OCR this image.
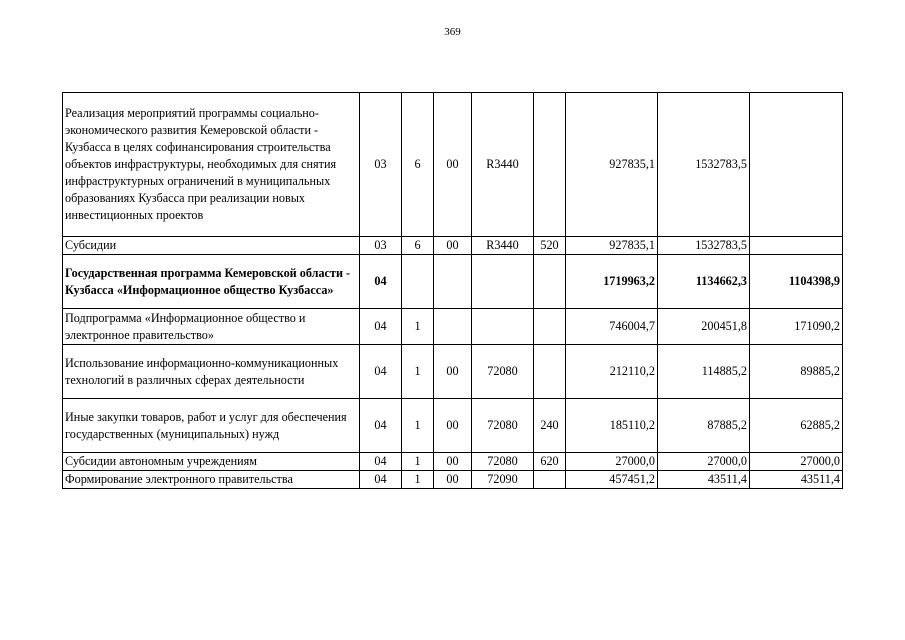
369
Реализация мероприятий программы социально-экономического развития Кемеровской области - Кузбасса в целях софинансирования строительства объектов инфраструктуры, необходимых для снятия инфраструктурных ограничений в муниципальных образованиях Кузбасса при реализации новых инвестиционных проектов	03	6	00	R3440		927835,1	1532783,5	
Субсидии	03	6	00	R3440	520	927835,1	1532783,5	
Государственная программа Кемеровской области - Кузбасса «Информационное общество Кузбасса»	04					1719963,2	1134662,3	1104398,9
Подпрограмма «Информационное общество и электронное правительство»	04	1				746004,7	200451,8	171090,2
Использование информационно-коммуникационных технологий в различных сферах деятельности	04	1	00	72080		212110,2	114885,2	89885,2
Иные закупки товаров, работ и услуг для обеспечения государственных (муниципальных) нужд	04	1	00	72080	240	185110,2	87885,2	62885,2
Субсидии автономным учреждениям	04	1	00	72080	620	27000,0	27000,0	27000,0
Формирование электронного правительства	04	1	00	72090		457451,2	43511,4	43511,4
